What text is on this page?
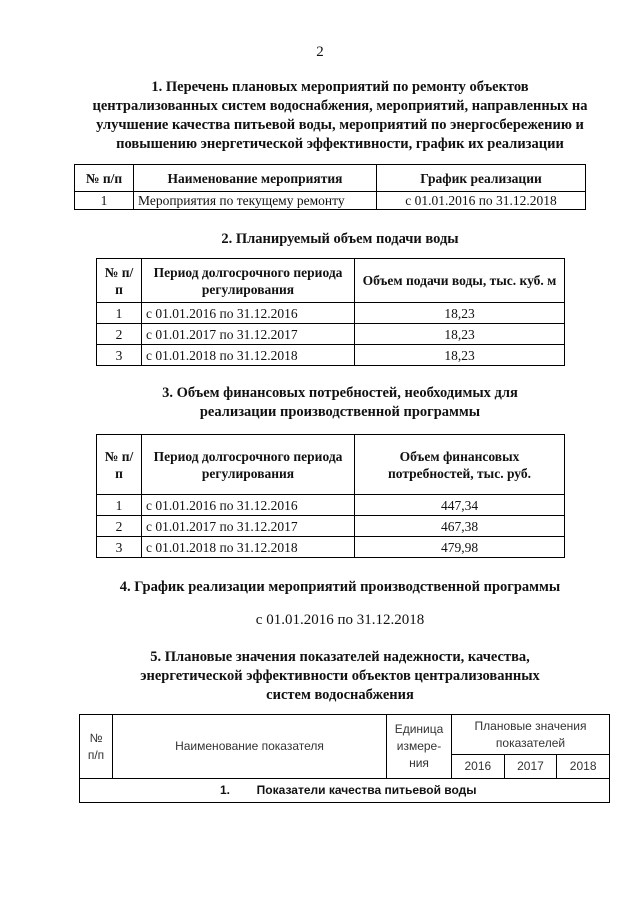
2
1. Перечень плановых мероприятий по ремонту объектов
централизованных систем водоснабжения, мероприятий, направленных на
улучшение качества питьевой воды, мероприятий по энергосбережению и
повышению энергетической эффективности, график их реализации
№ п/п	Наименование мероприятия	График реализации
1	Мероприятия по текущему ремонту	с 01.01.2016 по 31.12.2018
2. Планируемый объем подачи воды
№ п/п	Период долгосрочного периода регулирования	Объем подачи воды, тыс. куб. м
1	с 01.01.2016 по 31.12.2016	18,23
2	с 01.01.2017 по 31.12.2017	18,23
3	с 01.01.2018 по 31.12.2018	18,23
3. Объем финансовых потребностей, необходимых для
реализации производственной программы
№ п/п	Период долгосрочного периода регулирования	Объем финансовых потребностей, тыс. руб.
1	с 01.01.2016 по 31.12.2016	447,34
2	с 01.01.2017 по 31.12.2017	467,38
3	с 01.01.2018 по 31.12.2018	479,98
4. График реализации мероприятий производственной программы
с 01.01.2016 по 31.12.2018
5. Плановые значения показателей надежности, качества,
энергетической эффективности объектов централизованных
систем водоснабжения
№ п/п	Наименование показателя	Единица измере-ния	Плановые значения показателей		
			2016	2017	2018
1.        Показатели качества питьевой воды					
